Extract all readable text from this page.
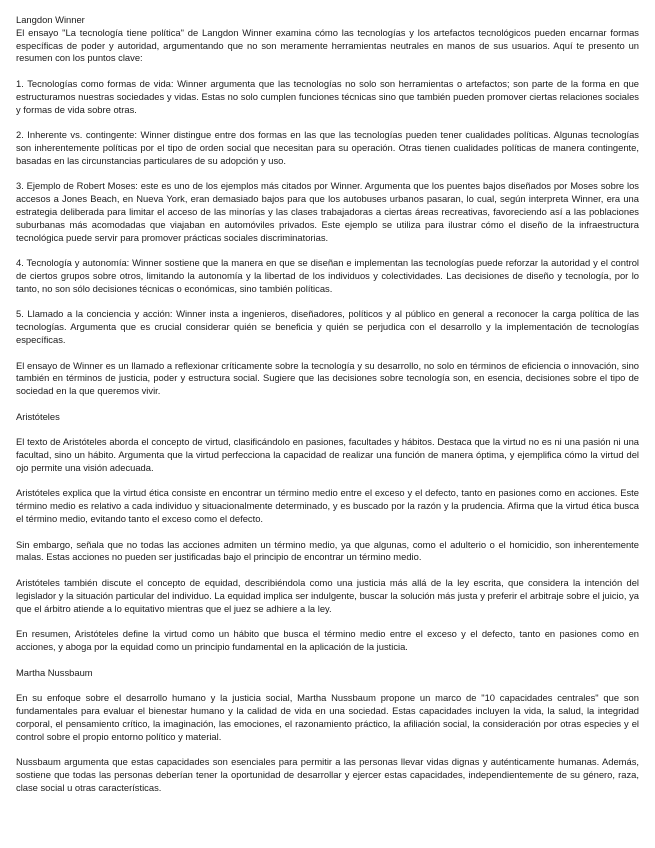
Langdon Winner

El ensayo "La tecnología tiene política" de Langdon Winner examina cómo las tecnologías y los artefactos tecnológicos pueden encarnar formas específicas de poder y autoridad, argumentando que no son meramente herramientas neutrales en manos de sus usuarios. Aquí te presento un resumen con los puntos clave:

1. Tecnologías como formas de vida: Winner argumenta que las tecnologías no solo son herramientas o artefactos; son parte de la forma en que estructuramos nuestras sociedades y vidas. Estas no solo cumplen funciones técnicas sino que también pueden promover ciertas relaciones sociales y formas de vida sobre otras.

2. Inherente vs. contingente: Winner distingue entre dos formas en las que las tecnologías pueden tener cualidades políticas. Algunas tecnologías son inherentemente políticas por el tipo de orden social que necesitan para su operación. Otras tienen cualidades políticas de manera contingente, basadas en las circunstancias particulares de su adopción y uso.

3. Ejemplo de Robert Moses: este es uno de los ejemplos más citados por Winner. Argumenta que los puentes bajos diseñados por Moses sobre los accesos a Jones Beach, en Nueva York, eran demasiado bajos para que los autobuses urbanos pasaran, lo cual, según interpreta Winner, era una estrategia deliberada para limitar el acceso de las minorías y las clases trabajadoras a ciertas áreas recreativas, favoreciendo así a las poblaciones suburbanas más acomodadas que viajaban en automóviles privados. Este ejemplo se utiliza para ilustrar cómo el diseño de la infraestructura tecnológica puede servir para promover prácticas sociales discriminatorias.

4. Tecnología y autonomía: Winner sostiene que la manera en que se diseñan e implementan las tecnologías puede reforzar la autoridad y el control de ciertos grupos sobre otros, limitando la autonomía y la libertad de los individuos y colectividades. Las decisiones de diseño y tecnología, por lo tanto, no son sólo decisiones técnicas o económicas, sino también políticas.

5. Llamado a la conciencia y acción: Winner insta a ingenieros, diseñadores, políticos y al público en general a reconocer la carga política de las tecnologías. Argumenta que es crucial considerar quién se beneficia y quién se perjudica con el desarrollo y la implementación de tecnologías específicas.

El ensayo de Winner es un llamado a reflexionar críticamente sobre la tecnología y su desarrollo, no solo en términos de eficiencia o innovación, sino también en términos de justicia, poder y estructura social. Sugiere que las decisiones sobre tecnología son, en esencia, decisiones sobre el tipo de sociedad en la que queremos vivir.

Aristóteles

El texto de Aristóteles aborda el concepto de virtud, clasificándolo en pasiones, facultades y hábitos. Destaca que la virtud no es ni una pasión ni una facultad, sino un hábito. Argumenta que la virtud perfecciona la capacidad de realizar una función de manera óptima, y ejemplifica cómo la virtud del ojo permite una visión adecuada.

Aristóteles explica que la virtud ética consiste en encontrar un término medio entre el exceso y el defecto, tanto en pasiones como en acciones. Este término medio es relativo a cada individuo y situacionalmente determinado, y es buscado por la razón y la prudencia. Afirma que la virtud ética busca el término medio, evitando tanto el exceso como el defecto.

Sin embargo, señala que no todas las acciones admiten un término medio, ya que algunas, como el adulterio o el homicidio, son inherentemente malas. Estas acciones no pueden ser justificadas bajo el principio de encontrar un término medio.

Aristóteles también discute el concepto de equidad, describiéndola como una justicia más allá de la ley escrita, que considera la intención del legislador y la situación particular del individuo. La equidad implica ser indulgente, buscar la solución más justa y preferir el arbitraje sobre el juicio, ya que el árbitro atiende a lo equitativo mientras que el juez se adhiere a la ley.

En resumen, Aristóteles define la virtud como un hábito que busca el término medio entre el exceso y el defecto, tanto en pasiones como en acciones, y aboga por la equidad como un principio fundamental en la aplicación de la justicia.

Martha Nussbaum

En su enfoque sobre el desarrollo humano y la justicia social, Martha Nussbaum propone un marco de "10 capacidades centrales" que son fundamentales para evaluar el bienestar humano y la calidad de vida en una sociedad. Estas capacidades incluyen la vida, la salud, la integridad corporal, el pensamiento crítico, la imaginación, las emociones, el razonamiento práctico, la afiliación social, la consideración por otras especies y el control sobre el propio entorno político y material.

Nussbaum argumenta que estas capacidades son esenciales para permitir a las personas llevar vidas dignas y auténticamente humanas. Además, sostiene que todas las personas deberían tener la oportunidad de desarrollar y ejercer estas capacidades, independientemente de su género, raza, clase social u otras características.
